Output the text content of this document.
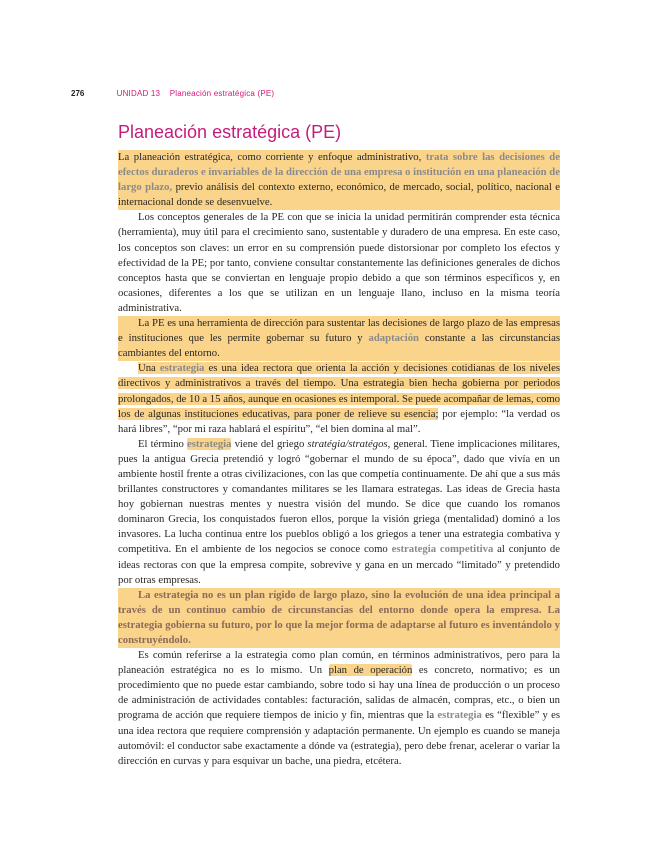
276	UNIDAD 13 Planeación estratégica (PE)
Planeación estratégica (PE)

La planeación estratégica, como corriente y enfoque administrativo, trata sobre las decisiones de efectos duraderos e invariables de la dirección de una empresa o institución en una planeación de largo plazo, previo análisis del contexto externo, económico, de mercado, social, político, nacional e internacional donde se desenvuelve.

Los conceptos generales de la PE con que se inicia la unidad permitirán comprender esta técnica (herramienta), muy útil para el crecimiento sano, sustentable y duradero de una empresa. En este caso, los conceptos son claves: un error en su comprensión puede distorsionar por completo los efectos y efectividad de la PE; por tanto, conviene consultar constantemente las definiciones generales de dichos conceptos hasta que se conviertan en lenguaje propio debido a que son términos específicos y, en ocasiones, diferentes a los que se utilizan en un lenguaje llano, incluso en la misma teoría administrativa.

La PE es una herramienta de dirección para sustentar las decisiones de largo plazo de las empresas e instituciones que les permite gobernar su futuro y adaptación constante a las circunstancias cambiantes del entorno.

Una estrategia es una idea rectora que orienta la acción y decisiones cotidianas de los niveles directivos y administrativos a través del tiempo. Una estrategia bien hecha gobierna por periodos prolongados, de 10 a 15 años, aunque en ocasiones es intemporal. Se puede acompañar de lemas, como los de algunas instituciones educativas, para poner de relieve su esencia; por ejemplo: “la verdad os hará libres”, “por mi raza hablará el espíritu”, “el bien domina al mal”.

El término estrategia viene del griego stratégia/stratégos, general. Tiene implicaciones militares, pues la antigua Grecia pretendió y logró “gobernar el mundo de su época”, dado que vivía en un ambiente hostil frente a otras civilizaciones, con las que competía continuamente. De ahí que a sus más brillantes constructores y comandantes militares se les llamara estrategas. Las ideas de Grecia hasta hoy gobiernan nuestras mentes y nuestra visión del mundo. Se dice que cuando los romanos dominaron Grecia, los conquistados fueron ellos, porque la visión griega (mentalidad) dominó a los invasores. La lucha continua entre los pueblos obligó a los griegos a tener una estrategia combativa y competitiva. En el ambiente de los negocios se conoce como estrategia competitiva al conjunto de ideas rectoras con que la empresa compite, sobrevive y gana en un mercado “limitado” y pretendido por otras empresas.

La estrategia no es un plan rígido de largo plazo, sino la evolución de una idea principal a través de un continuo cambio de circunstancias del entorno donde opera la empresa. La estrategia gobierna su futuro, por lo que la mejor forma de adaptarse al futuro es inventándolo y construyéndolo.

Es común referirse a la estrategia como plan común, en términos administrativos, pero para la planeación estratégica no es lo mismo. Un plan de operación es concreto, normativo; es un procedimiento que no puede estar cambiando, sobre todo si hay una línea de producción o un proceso de administración de actividades contables: facturación, salidas de almacén, compras, etc., o bien un programa de acción que requiere tiempos de inicio y fin, mientras que la estrategia es “flexible” y es una idea rectora que requiere comprensión y adaptación permanente. Un ejemplo es cuando se maneja automóvil: el conductor sabe exactamente a dónde va (estrategia), pero debe frenar, acelerar o variar la dirección en curvas y para esquivar un bache, una piedra, etcétera.
